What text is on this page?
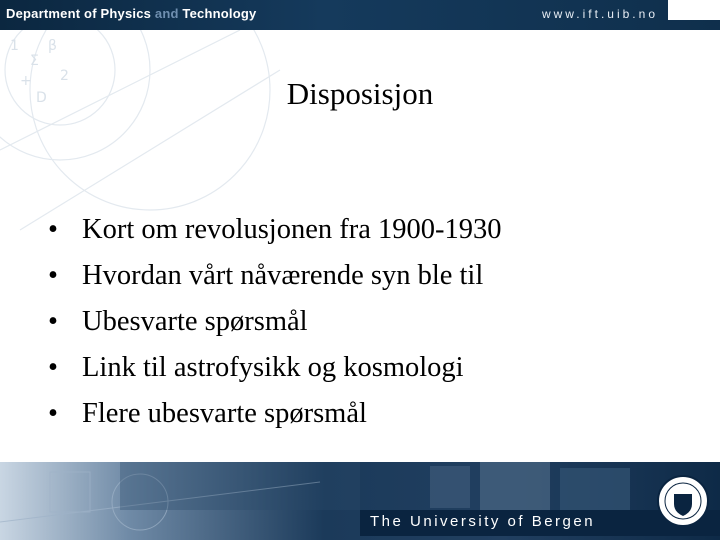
Department of Physics and Technology	www.ift.uib.no
1
Σ
β
+ 2
D	Disposisjon
• Kort om revolusjonen fra 1900-1930
• Hvordan vårt nåværende syn ble til
• Ubesvarte spørsmål
• Link til astrofysikk og kosmologi
• Flere ubesvarte spørsmål
The University of Bergen
